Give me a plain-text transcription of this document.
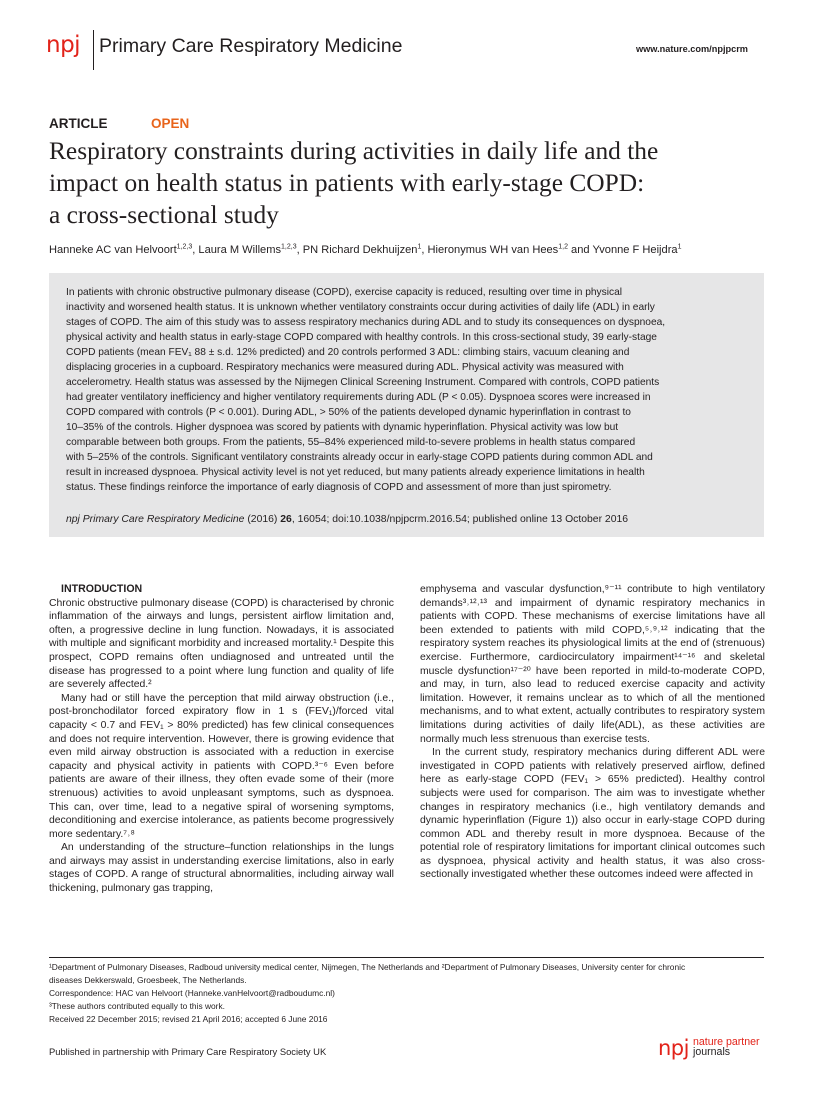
npj Primary Care Respiratory Medicine	www.nature.com/npjpcrm
ARTICLE	OPEN
Respiratory constraints during activities in daily life and the
impact on health status in patients with early-stage COPD:
a cross-sectional study
Hanneke AC van Helvoort$^{1,2,3}$, Laura M Willems$^{1,2,3}$, PN Richard Dekhuijzen$^1$, Hieronymus WH van Hees$^{1,2}$ and Yvonne F Heijdra$^1$
In patients with chronic obstructive pulmonary disease (COPD), exercise capacity is reduced, resulting over time in physical
inactivity and worsened health status. It is unknown whether ventilatory constraints occur during activities of daily life (ADL) in early
stages of COPD. The aim of this study was to assess respiratory mechanics during ADL and to study its consequences on dyspnoea,
physical activity and health status in early-stage COPD compared with healthy controls. In this cross-sectional study, 39 early-stage
COPD patients (mean FEV₁ 88 ± s.d. 12% predicted) and 20 controls performed 3 ADL: climbing stairs, vacuum cleaning and
displacing groceries in a cupboard. Respiratory mechanics were measured during ADL. Physical activity was measured with
accelerometry. Health status was assessed by the Nijmegen Clinical Screening Instrument. Compared with controls, COPD patients
had greater ventilatory inefficiency and higher ventilatory requirements during ADL (P < 0.05). Dyspnoea scores were increased in
COPD compared with controls (P < 0.001). During ADL, > 50% of the patients developed dynamic hyperinflation in contrast to
10–35% of the controls. Higher dyspnoea was scored by patients with dynamic hyperinflation. Physical activity was low but
comparable between both groups. From the patients, 55–84% experienced mild-to-severe problems in health status compared
with 5–25% of the controls. Significant ventilatory constraints already occur in early-stage COPD patients during common ADL and
result in increased dyspnoea. Physical activity level is not yet reduced, but many patients already experience limitations in health
status. These findings reinforce the importance of early diagnosis of COPD and assessment of more than just spirometry.
npj Primary Care Respiratory Medicine (2016) 26, 16054; doi:10.1038/npjpcrm.2016.54; published online 13 October 2016

INTRODUCTION

Chronic obstructive pulmonary disease (COPD) is characterised by chronic inflammation of the airways and lungs, persistent airflow limitation and, often, a progressive decline in lung function. Nowadays, it is associated with multiple and significant morbidity and increased mortality.¹ Despite this prospect, COPD remains often undiagnosed and untreated until the disease has progressed to a point where lung function and quality of life are severely affected.²

Many had or still have the perception that mild airway obstruction (i.e., post-bronchodilator forced expiratory flow in 1 s (FEV₁)/forced vital capacity < 0.7 and FEV₁ > 80% predicted) has few clinical consequences and does not require intervention. However, there is growing evidence that even mild airway obstruction is associated with a reduction in exercise capacity and physical activity in patients with COPD.³⁻⁶ Even before patients are aware of their illness, they often evade some of their (more strenuous) activities to avoid unpleasant symptoms, such as dyspnoea. This can, over time, lead to a negative spiral of worsening symptoms, deconditioning and exercise intolerance, as patients become progressively more sedentary.⁷˒⁸

An understanding of the structure–function relationships in the lungs and airways may assist in understanding exercise limitations, also in early stages of COPD. A range of structural abnormalities, including airway wall thickening, pulmonary gas trapping,

emphysema and vascular dysfunction,⁹⁻¹¹ contribute to high ventilatory demands³˒¹²˒¹³ and impairment of dynamic respiratory mechanics in patients with COPD. These mechanisms of exercise limitations have all been extended to patients with mild COPD,⁵˒⁹˒¹² indicating that the respiratory system reaches its physiological limits at the end of (strenuous) exercise. Furthermore, cardiocirculatory impairment¹⁴⁻¹⁶ and skeletal muscle dysfunction¹⁷⁻²⁰ have been reported in mild-to-moderate COPD, and may, in turn, also lead to reduced exercise capacity and activity limitation. However, it remains unclear as to which of all the mentioned mechanisms, and to what extent, actually contributes to respiratory system limitations during activities of daily life(ADL), as these activities are normally much less strenuous than exercise tests.

In the current study, respiratory mechanics during different ADL were investigated in COPD patients with relatively preserved airflow, defined here as early-stage COPD (FEV₁ > 65% predicted). Healthy control subjects were used for comparison. The aim was to investigate whether changes in respiratory mechanics (i.e., high ventilatory demands and dynamic hyperinflation (Figure 1)) also occur in early-stage COPD during common ADL and thereby result in more dyspnoea. Because of the potential role of respiratory limitations for important clinical outcomes such as dyspnoea, physical activity and health status, it was also cross-sectionally investigated whether these outcomes indeed were affected in

¹Department of Pulmonary Diseases, Radboud university medical center, Nijmegen, The Netherlands and ²Department of Pulmonary Diseases, University center for chronic
diseases Dekkerswald, Groesbeek, The Netherlands.
Correspondence: HAC van Helvoort (Hanneke.vanHelvoort@radboudumc.nl)
³These authors contributed equally to this work.
Received 22 December 2015; revised 21 April 2016; accepted 6 June 2016
Published in partnership with Primary Care Respiratory Society UK	npj nature partner
journals
